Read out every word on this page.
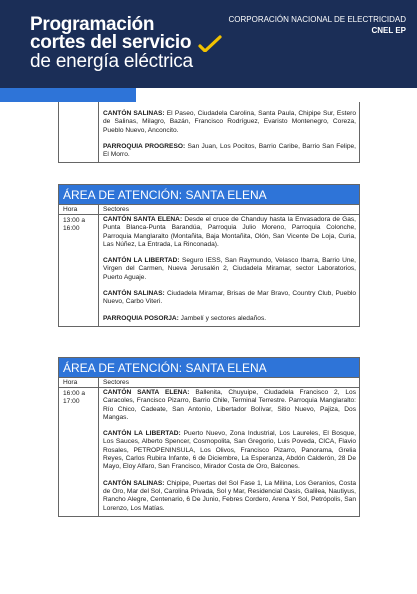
Programación
cortes del servicio
de energía eléctrica
CORPORACIÓN NACIONAL DE ELECTRICIDAD
CNEL EP

CANTÓN SALINAS: El Paseo, Ciudadela Carolina, Santa Paula, Chipipe Sur, Estero de Salinas, Milagro, Bazán, Francisco Rodríguez, Evaristo Montenegro, Coreza, Pueblo Nuevo, Anconcito.

PARROQUIA PROGRESO: San Juan, Los Pocitos, Barrio Caribe, Barrio San Felipe, El Morro.

ÁREA DE ATENCIÓN: SANTA ELENA
Hora	Sectores
13:00 a 16:00

CANTÓN SANTA ELENA: Desde el cruce de Chanduy hasta la Envasadora de Gas, Punta Blanca-Punta Barandúa, Parroquia Julio Moreno, Parroquia Colonche, Parroquia Manglaralto (Montañita, Baja Montañita, Olón, San Vicente De Loja, Curia, Las Núñez, La Entrada, La Rinconada).

CANTÓN LA LIBERTAD: Seguro IESS, San Raymundo, Velasco Ibarra, Barrio Une, Virgen del Carmen, Nueva Jerusalén 2, Ciudadela Miramar, sector Laboratorios, Puerto Aguaje.

CANTÓN SALINAS: Ciudadela Miramar, Brisas de Mar Bravo, Country Club, Pueblo Nuevo, Carbo Viteri.

PARROQUIA POSORJA: Jambelí y sectores aledaños.

ÁREA DE ATENCIÓN: SANTA ELENA
Hora	Sectores
16:00 a 17:00

CANTÓN SANTA ELENA: Ballenita, Chuyuipe, Ciudadela Francisco 2, Los Caracoles, Francisco Pizarro, Barrio Chile, Terminal Terrestre. Parroquia Manglaralto: Río Chico, Cadeate, San Antonio, Libertador Bolívar, Sitio Nuevo, Pajiza, Dos Mangas.

CANTÓN LA LIBERTAD: Puerto Nuevo, Zona Industrial, Los Laureles, El Bosque, Los Sauces, Alberto Spencer, Cosmopolita, San Gregorio, Luis Poveda, CICA, Flavio Rosales, PETROPENINSULA, Los Olivos, Francisco Pizarro, Panorama, Grelia Reyes, Carlos Rubira Infante, 6 de Diciembre, La Esperanza, Abdón Calderón, 28 De Mayo, Eloy Alfaro, San Francisco, Mirador Costa de Oro, Balcones.

CANTÓN SALINAS: Chipipe, Puertas del Sol Fase 1, La Milina, Los Geranios, Costa de Oro, Mar del Sol, Carolina Privada, Sol y Mar, Residencial Oasis, Galilea, Nautiyus, Rancho Alegre, Centenario, 6 De Junio, Febres Cordero, Arena Y Sol, Petrópolis, San Lorenzo, Los Matías.
